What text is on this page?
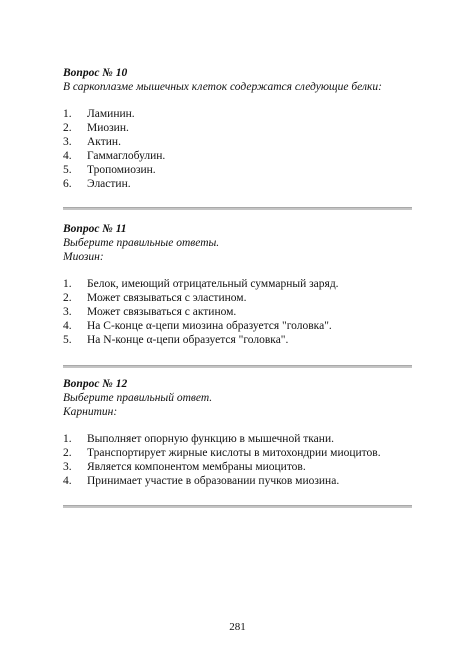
Вопрос № 10

В саркоплазме мышечных клеток содержатся следующие белки:

1. Ламинин.
2. Миозин.
3. Актин.
4. Гаммаглобулин.
5. Тропомиозин.
6. Эластин.

Вопрос № 11

Выберите правильные ответы.

Миозин:

1. Белок, имеющий отрицательный суммарный заряд.
2. Может связываться с эластином.
3. Может связываться с актином.
4. На С-конце α-цепи миозина образуется "головка".
5. На N-конце α-цепи образуется "головка".

Вопрос № 12

Выберите правильный ответ.

Карнитин:

1. Выполняет опорную функцию в мышечной ткани.
2. Транспортирует жирные кислоты в митохондрии миоцитов.
3. Является компонентом мембраны миоцитов.
4. Принимает участие в образовании пучков миозина.
281
